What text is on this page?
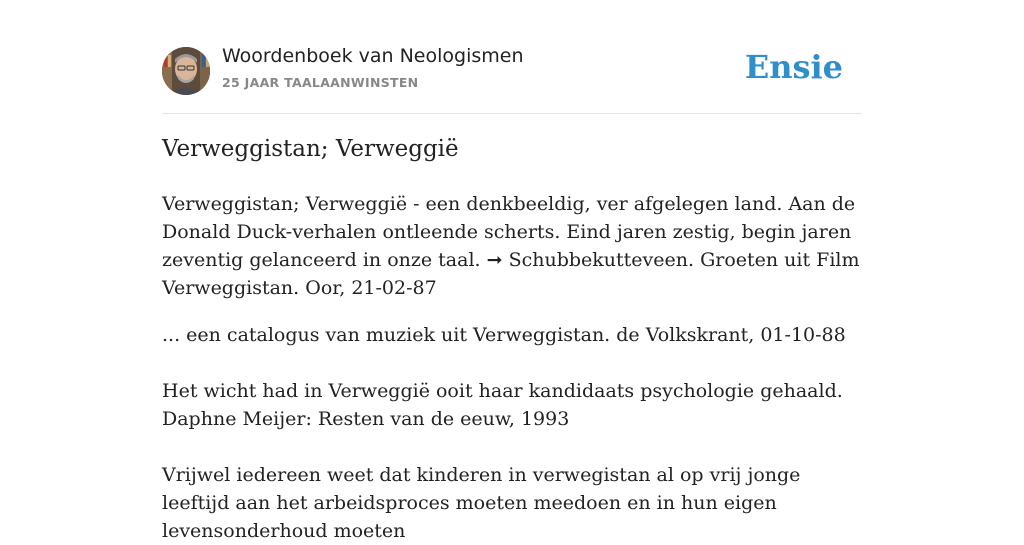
Woordenboek van Neologismen
25 JAAR TAALAANWINSTEN	Ensie
Verweggistan; Verweggië

Verweggistan; Verweggië - een denkbeeldig, ver afgelegen land. Aan de Donald Duck-verhalen ontleende scherts. Eind jaren zestig, begin jaren zeventig gelanceerd in onze taal. ➞ Schubbekutteveen. Groeten uit Film Verweggistan. Oor, 21-02-87

... een catalogus van muziek uit Verweggistan. de Volkskrant, 01-10-88

Het wicht had in Verweggië ooit haar kandidaats psychologie gehaald. Daphne Meijer: Resten van de eeuw, 1993

Vrijwel iedereen weet dat kinderen in verwegistan al op vrij jonge leeftijd aan het arbeidsproces moeten meedoen en in hun eigen levensonderhoud moeten
